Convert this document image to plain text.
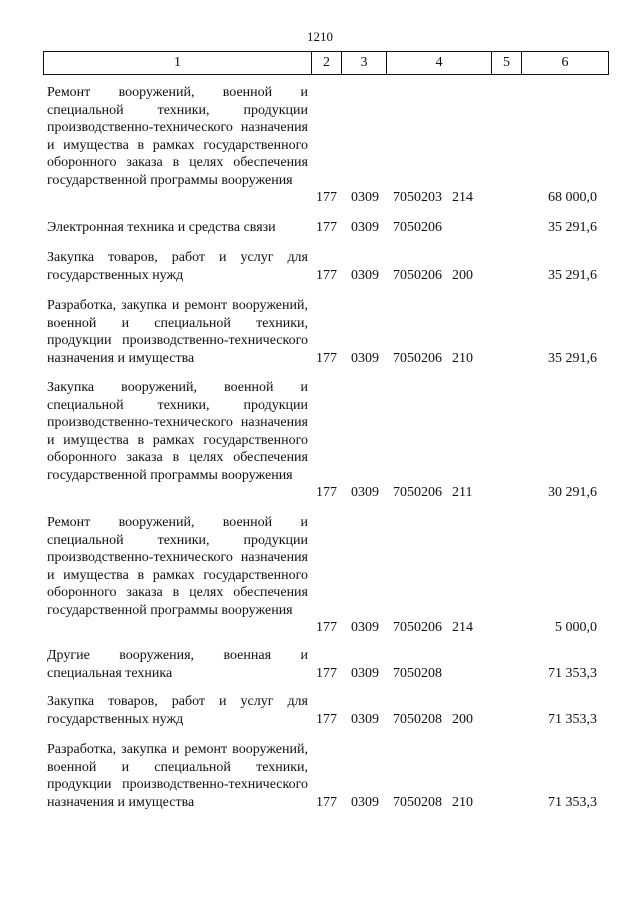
1210
1	2	3	4	5	6
Ремонт вооружений, военной и специальной техники, продукции производственно-технического назначения и имущества в рамках государственного оборонного заказа в целях обеспечения государственной программы вооружения
177 0309 7050203 214	68 000,0
Электронная техника и средства связи	177 0309 7050206	35 291,6
Закупка товаров, работ и услуг для государственных нужд	177 0309 7050206 200	35 291,6
Разработка, закупка и ремонт вооружений, военной и специальной техники, продукции производственно-технического назначения и имущества	177 0309 7050206 210	35 291,6
Закупка вооружений, военной и специальной техники, продукции производственно-технического назначения и имущества в рамках государственного оборонного заказа в целях обеспечения государственной программы вооружения
177 0309 7050206 211	30 291,6
Ремонт вооружений, военной и специальной техники, продукции производственно-технического назначения и имущества в рамках государственного оборонного заказа в целях обеспечения государственной программы вооружения
177 0309 7050206 214	5 000,0
Другие вооружения, военная и специальная техника	177 0309 7050208	71 353,3
Закупка товаров, работ и услуг для государственных нужд	177 0309 7050208 200	71 353,3
Разработка, закупка и ремонт вооружений, военной и специальной техники, продукции производственно-технического назначения и имущества	177 0309 7050208 210	71 353,3
